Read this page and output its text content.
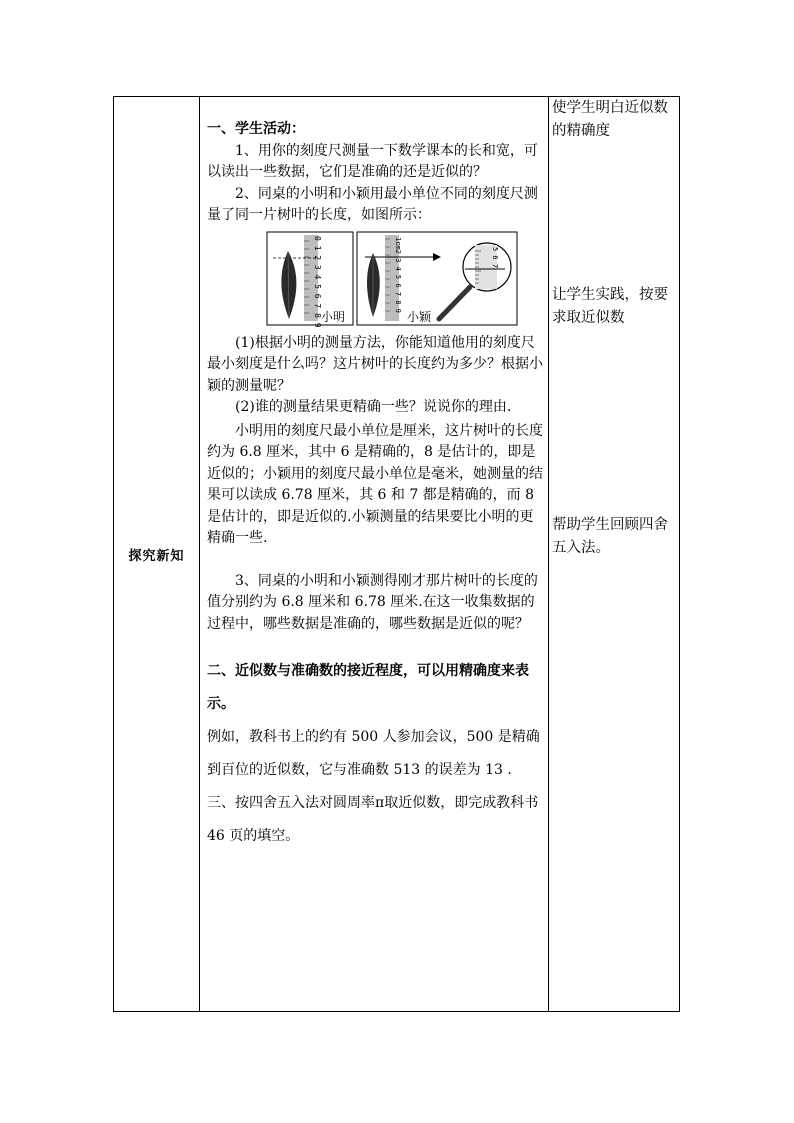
探究新知

一、学生活动：

1、用你的刻度尺测量一下数学课本的长和宽，可以读出一些数据，它们是准确的还是近似的？

2、同桌的小明和小颖用最小单位不同的刻度尺测量了同一片树叶的长度，如图所示：

0 1 2 3 4 5 6 7 8 9 小明
1cm2 3 4 5 6 7 8 9
小颖
5 6 7

(1)根据小明的测量方法，你能知道他用的刻度尺最小刻度是什么吗？这片树叶的长度约为多少？根据小颖的测量呢？

(2)谁的测量结果更精确一些？说说你的理由.

小明用的刻度尺最小单位是厘米，这片树叶的长度约为 6.8 厘米，其中 6 是精确的，8 是估计的，即是近似的；小颖用的刻度尺最小单位是毫米，她测量的结果可以读成 6.78 厘米，其 6 和 7 都是精确的，而 8 是估计的，即是近似的.小颖测量的结果要比小明的更精确一些.

3、同桌的小明和小颖测得刚才那片树叶的长度的值分别约为 6.8 厘米和 6.78 厘米.在这一收集数据的过程中，哪些数据是准确的，哪些数据是近似的呢？

二、近似数与准确数的接近程度，可以用精确度来表示。

例如，教科书上的约有 500 人参加会议，500 是精确到百位的近似数，它与准确数 513 的误差为 13 .

三、按四舍五入法对圆周率π取近似数，即完成教科书 46 页的填空。

使学生明白近似数的精确度

让学生实践，按要求取近似数

帮助学生回顾四舍五入法。
